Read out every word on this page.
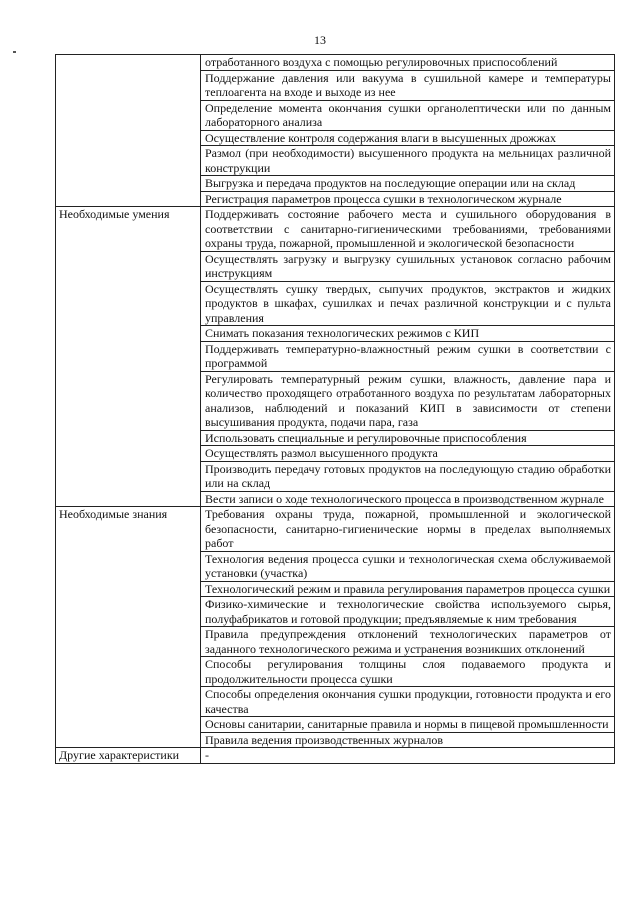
13
	отработанного воздуха с помощью регулировочных приспособлений
	Поддержание давления или вакуума в сушильной камере и температуры теплоагента на входе и выходе из нее
	Определение момента окончания сушки органолептически или по данным лабораторного анализа
	Осуществление контроля содержания влаги в высушенных дрожжах
	Размол (при необходимости) высушенного продукта на мельницах различной конструкции
	Выгрузка и передача продуктов на последующие операции или на склад
	Регистрация параметров процесса сушки в технологическом журнале
Необходимые умения	Поддерживать состояние рабочего места и сушильного оборудования в соответствии с санитарно-гигиеническими требованиями, требованиями охраны труда, пожарной, промышленной и экологической безопасности
	Осуществлять загрузку и выгрузку сушильных установок согласно рабочим инструкциям
	Осуществлять сушку твердых, сыпучих продуктов, экстрактов и жидких продуктов в шкафах, сушилках и печах различной конструкции и с пульта управления
	Снимать показания технологических режимов с КИП
	Поддерживать температурно-влажностный режим сушки в соответствии с программой
	Регулировать температурный режим сушки, влажность, давление пара и количество проходящего отработанного воздуха по результатам лабораторных анализов, наблюдений и показаний КИП в зависимости от степени высушивания продукта, подачи пара, газа
	Использовать специальные и регулировочные приспособления
	Осуществлять размол высушенного продукта
	Производить передачу готовых продуктов на последующую стадию обработки или на склад
	Вести записи о ходе технологического процесса в производственном журнале
Необходимые знания	Требования охраны труда, пожарной, промышленной и экологической безопасности, санитарно-гигиенические нормы в пределах выполняемых работ
	Технология ведения процесса сушки и технологическая схема обслуживаемой установки (участка)
	Технологический режим и правила регулирования параметров процесса сушки
	Физико-химические и технологические свойства используемого сырья, полуфабрикатов и готовой продукции; предъявляемые к ним требования
	Правила предупреждения отклонений технологических параметров от заданного технологического режима и устранения возникших отклонений
	Способы регулирования толщины слоя подаваемого продукта и продолжительности процесса сушки
	Способы определения окончания сушки продукции, готовности продукта и его качества
	Основы санитарии, санитарные правила и нормы в пищевой промышленности
	Правила ведения производственных журналов
Другие характеристики	-
